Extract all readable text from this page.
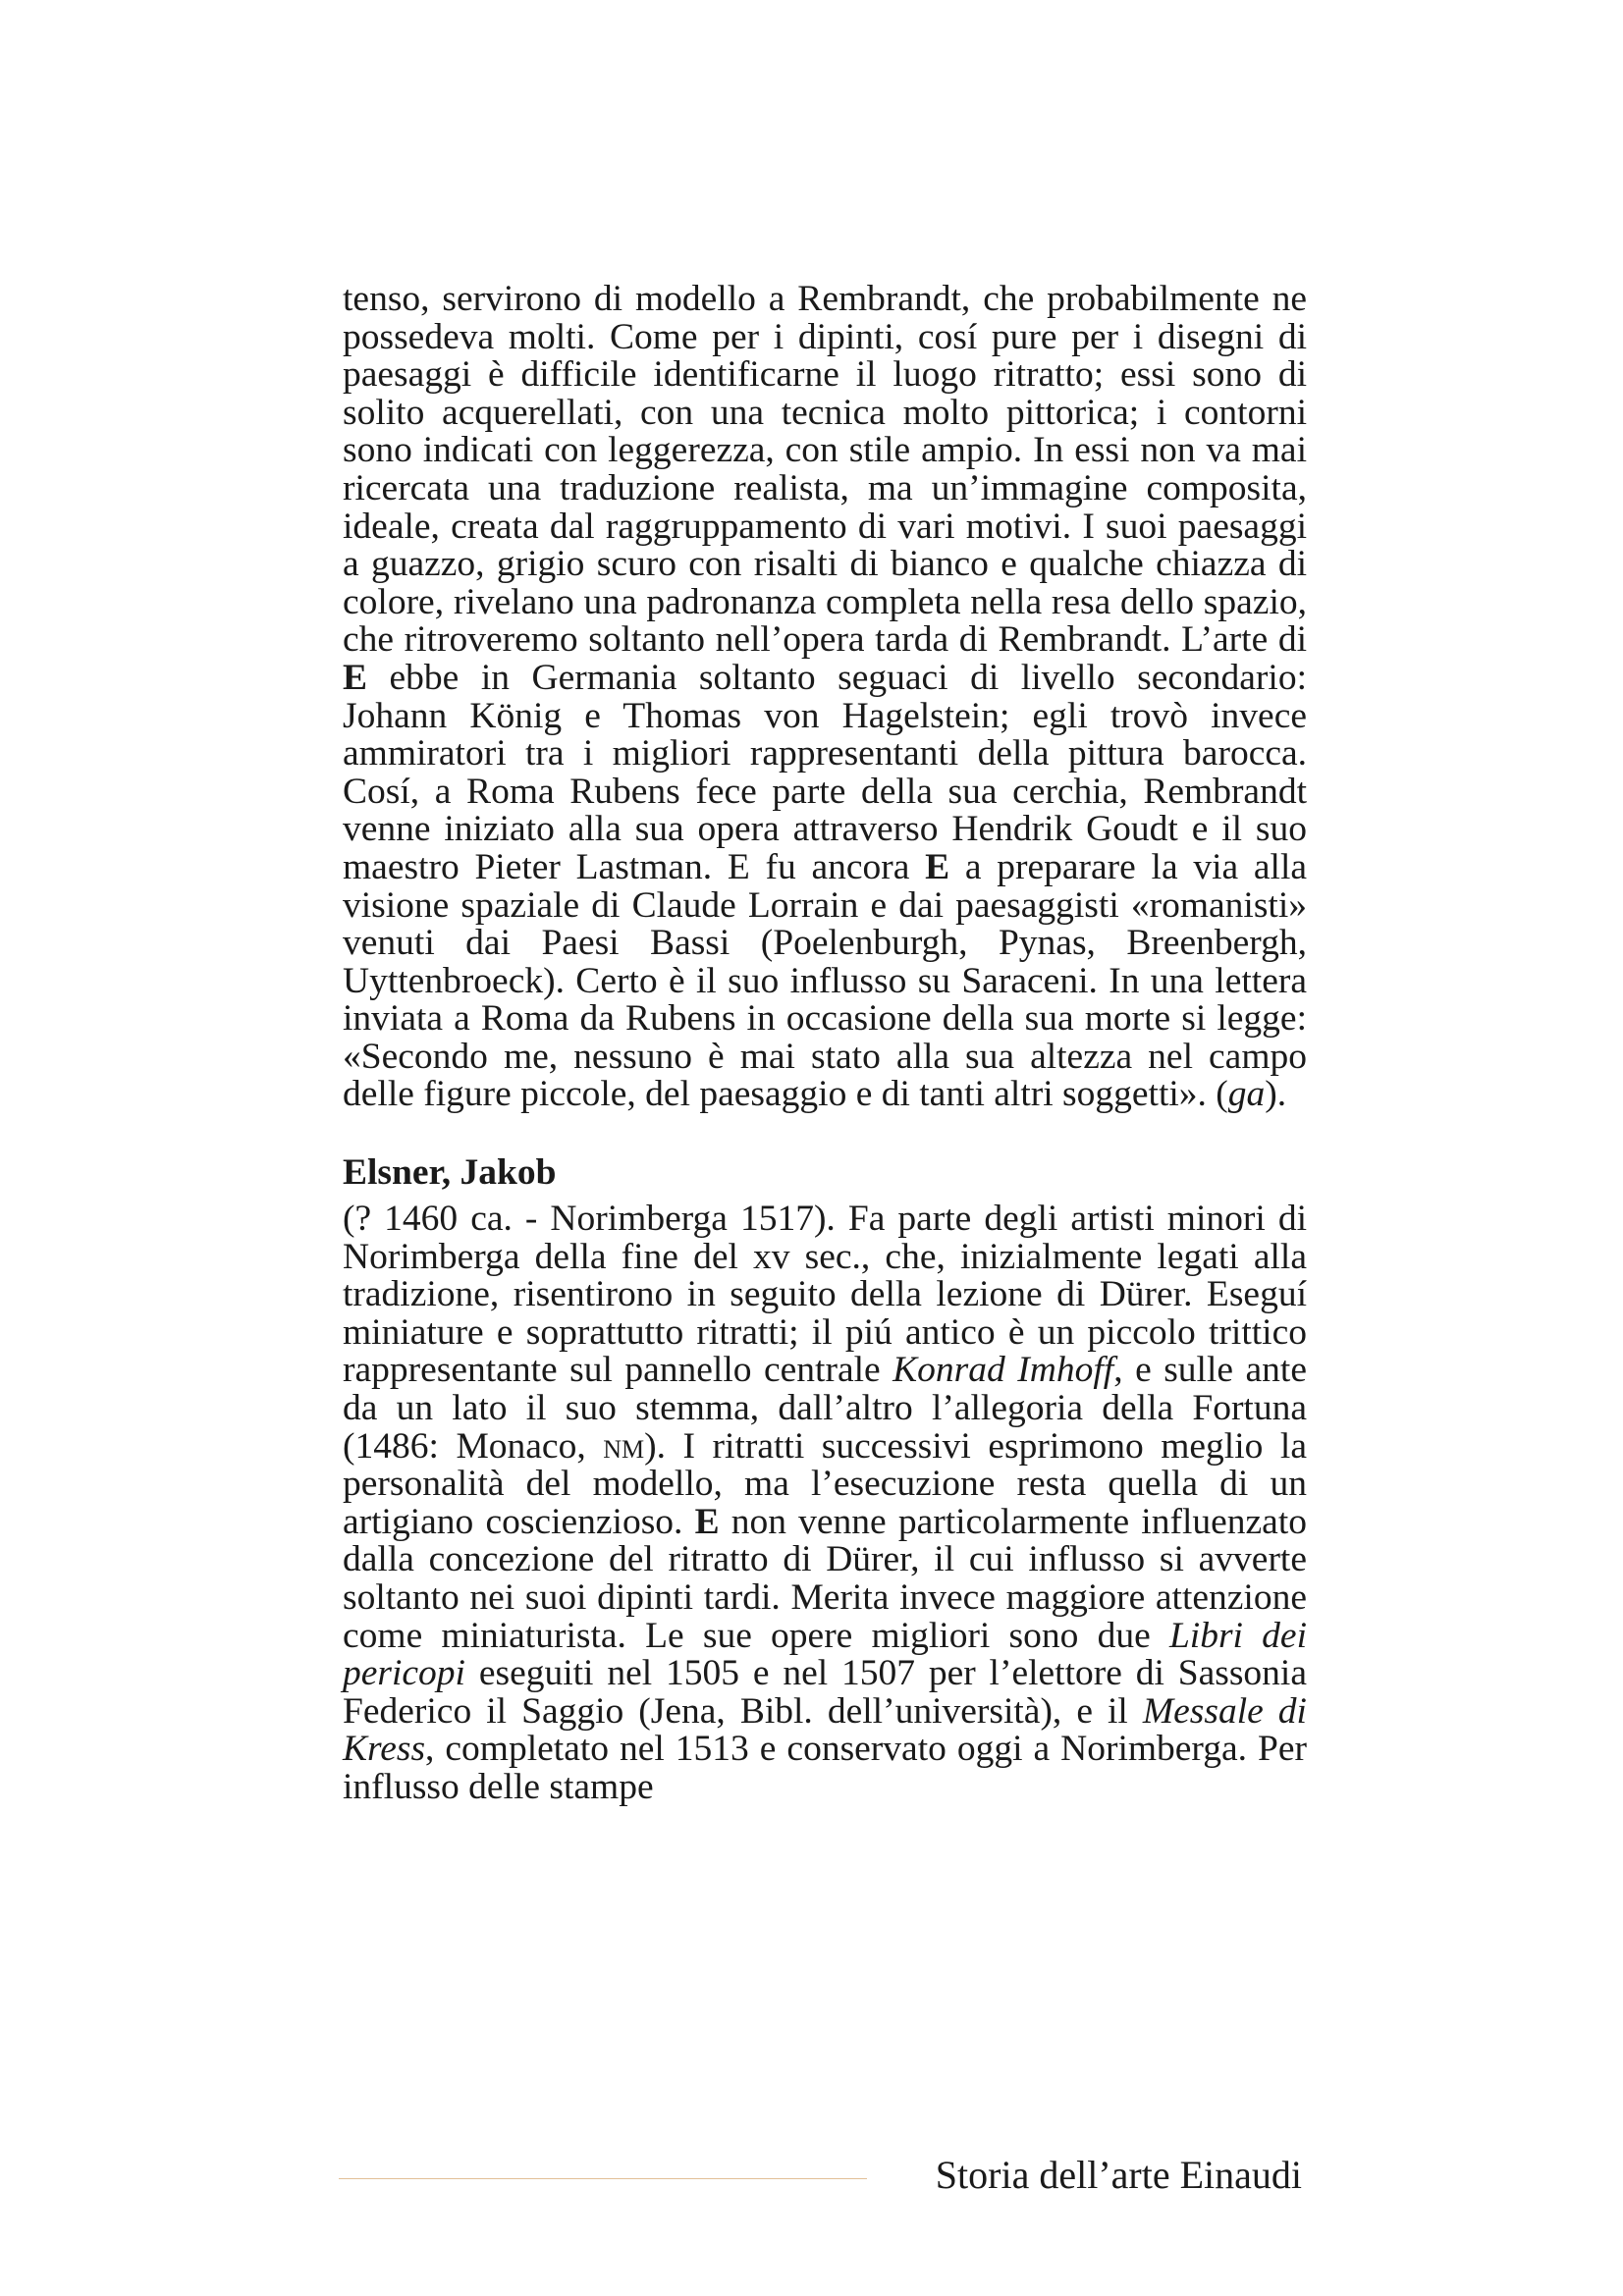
tenso, servirono di modello a Rembrandt, che probabilmente ne possedeva molti. Come per i dipinti, cosí pure per i disegni di paesaggi è difficile identificarne il luogo ritratto; essi sono di solito acquerellati, con una tecnica molto pittorica; i contorni sono indicati con leggerezza, con stile ampio. In essi non va mai ricercata una traduzione realista, ma un’immagine composita, ideale, creata dal raggruppamento di vari motivi. I suoi paesaggi a guazzo, grigio scuro con risalti di bianco e qualche chiazza di colore, rivelano una padronanza completa nella resa dello spazio, che ritroveremo soltanto nell’opera tarda di Rembrandt. L’arte di E ebbe in Germania soltanto seguaci di livello secondario: Johann König e Thomas von Hagelstein; egli trovò invece ammiratori tra i migliori rappresentanti della pittura barocca. Cosí, a Roma Rubens fece parte della sua cerchia, Rembrandt venne iniziato alla sua opera attraverso Hendrik Goudt e il suo maestro Pieter Lastman. E fu ancora E a preparare la via alla visione spaziale di Claude Lorrain e dai paesaggisti «romanisti» venuti dai Paesi Bassi (Poelenburgh, Pynas, Breenbergh, Uyttenbroeck). Certo è il suo influsso su Saraceni. In una lettera inviata a Roma da Rubens in occasione della sua morte si legge: «Secondo me, nessuno è mai stato alla sua altezza nel campo delle figure piccole, del paesaggio e di tanti altri soggetti». (ga).

Elsner, Jakob

(? 1460 ca. - Norimberga 1517). Fa parte degli artisti minori di Norimberga della fine del xv sec., che, inizialmente legati alla tradizione, risentirono in seguito della lezione di Dürer. Eseguí miniature e soprattutto ritratti; il piú antico è un piccolo trittico rappresentante sul pannello centrale Konrad Imhoff, e sulle ante da un lato il suo stemma, dall’altro l’allegoria della Fortuna (1486: Monaco, nm). I ritratti successivi esprimono meglio la personalità del modello, ma l’esecuzione resta quella di un artigiano coscienzioso. E non venne particolarmente influenzato dalla concezione del ritratto di Dürer, il cui influsso si avverte soltanto nei suoi dipinti tardi. Merita invece maggiore attenzione come miniaturista. Le sue opere migliori sono due Libri dei pericopi eseguiti nel 1505 e nel 1507 per l’elettore di Sassonia Federico il Saggio (Jena, Bibl. dell’università), e il Messale di Kress, completato nel 1513 e conservato oggi a Norimberga. Per influsso delle stampe

Storia dell’arte Einaudi
